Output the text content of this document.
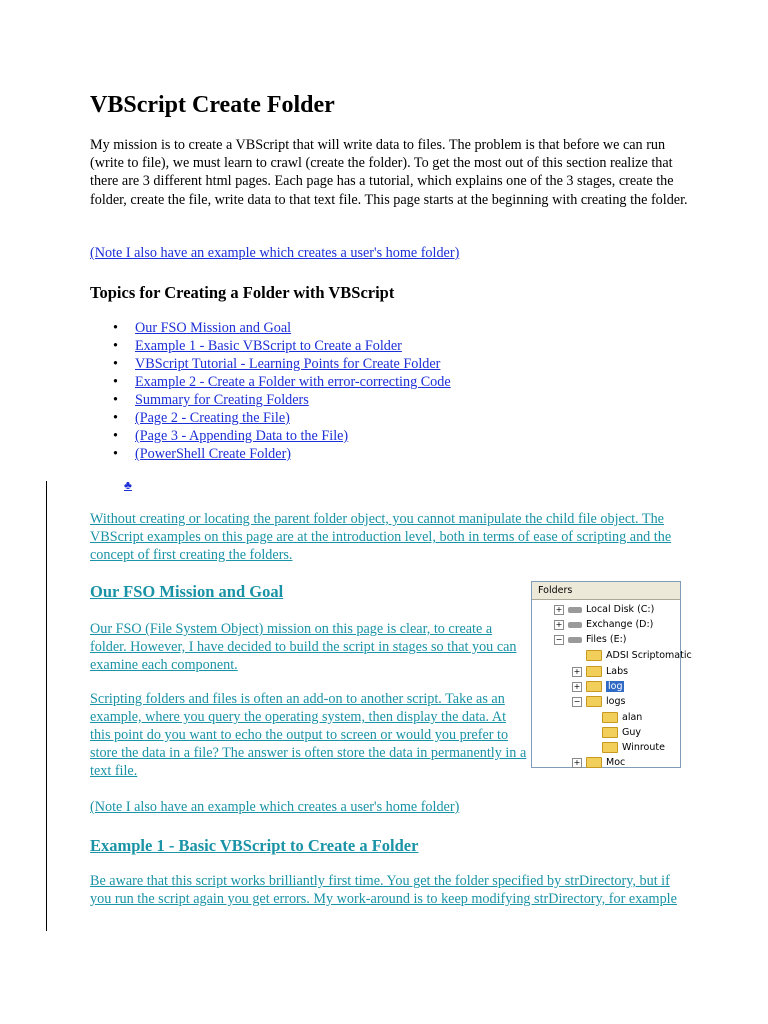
VBScript Create Folder

My mission is to create a VBScript that will write data to files. The problem is that before we can run (write to file), we must learn to crawl (create the folder). To get the most out of this section realize that there are 3 different html pages. Each page has a tutorial, which explains one of the 3 stages, create the folder, create the file, write data to that text file. This page starts at the beginning with creating the folder.

(Note I also have an example which creates a user's home folder)
Topics for Creating a Folder with VBScript
• Our FSO Mission and Goal
• Example 1 - Basic VBScript to Create a Folder
• VBScript Tutorial - Learning Points for Create Folder
• Example 2 - Create a Folder with error-correcting Code
• Summary for Creating Folders
• (Page 2 - Creating the File)
• (Page 3 - Appending Data to the File)
• (PowerShell Create Folder)
♣

Without creating or locating the parent folder object, you cannot manipulate the child file object. The VBScript examples on this page are at the introduction level, both in terms of ease of scripting and the concept of first creating the folders.

Our FSO Mission and Goal

Our FSO (File System Object) mission on this page is clear, to create a folder. However, I have decided to build the script in stages so that you can examine each component.

Scripting folders and files is often an add-on to another script. Take as an example, where you query the operating system, then display the data. At this point do you want to echo the output to screen or would you prefer to store the data in a file? The answer is often store the data in permanently in a text file.

(Note I also have an example which creates a user's home folder)

Example 1 - Basic VBScript to Create a Folder

Be aware that this script works brilliantly first time. You get the folder specified by strDirectory, but if you run the script again you get errors. My work-around is to keep modifying strDirectory, for example

Folders
+ Local Disk (C:)
+ Exchange (D:)
− Files (E:)
ADSI Scriptomatic
+	Labs
+	log
−	logs
alan
Guy
Winroute
+	Moc
